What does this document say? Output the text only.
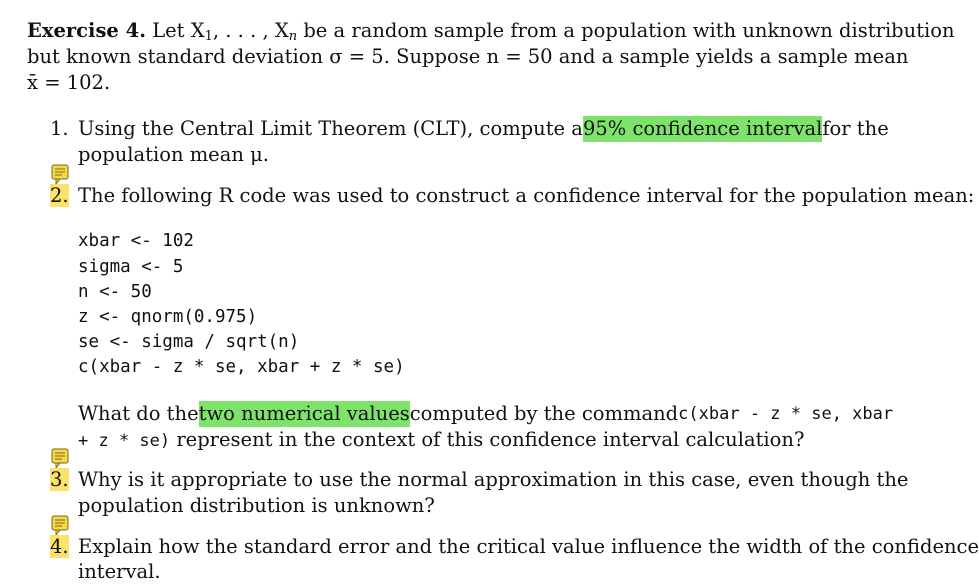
Exercise 4. Let $X_1$, . . . , $X_n$ be a random sample from a population with unknown distribution
but known standard deviation σ = 5. Suppose n = 50 and a sample yields a sample mean
x̄ = 102.
1. Using the Central Limit Theorem (CLT), compute a 95% confidence interval for the
population mean μ.
2. The following R code was used to construct a confidence interval for the population mean:
xbar <- 102
sigma <- 5
n <- 50
z <- qnorm(0.975)
se <- sigma / sqrt(n)
c(xbar - z * se, xbar + z * se)
What do the two numerical values computed by the command c(xbar - z * se, xbar
+ z * se) represent in the context of this confidence interval calculation?
3. Why is it appropriate to use the normal approximation in this case, even though the
population distribution is unknown?
4. Explain how the standard error and the critical value influence the width of the confidence
interval.
